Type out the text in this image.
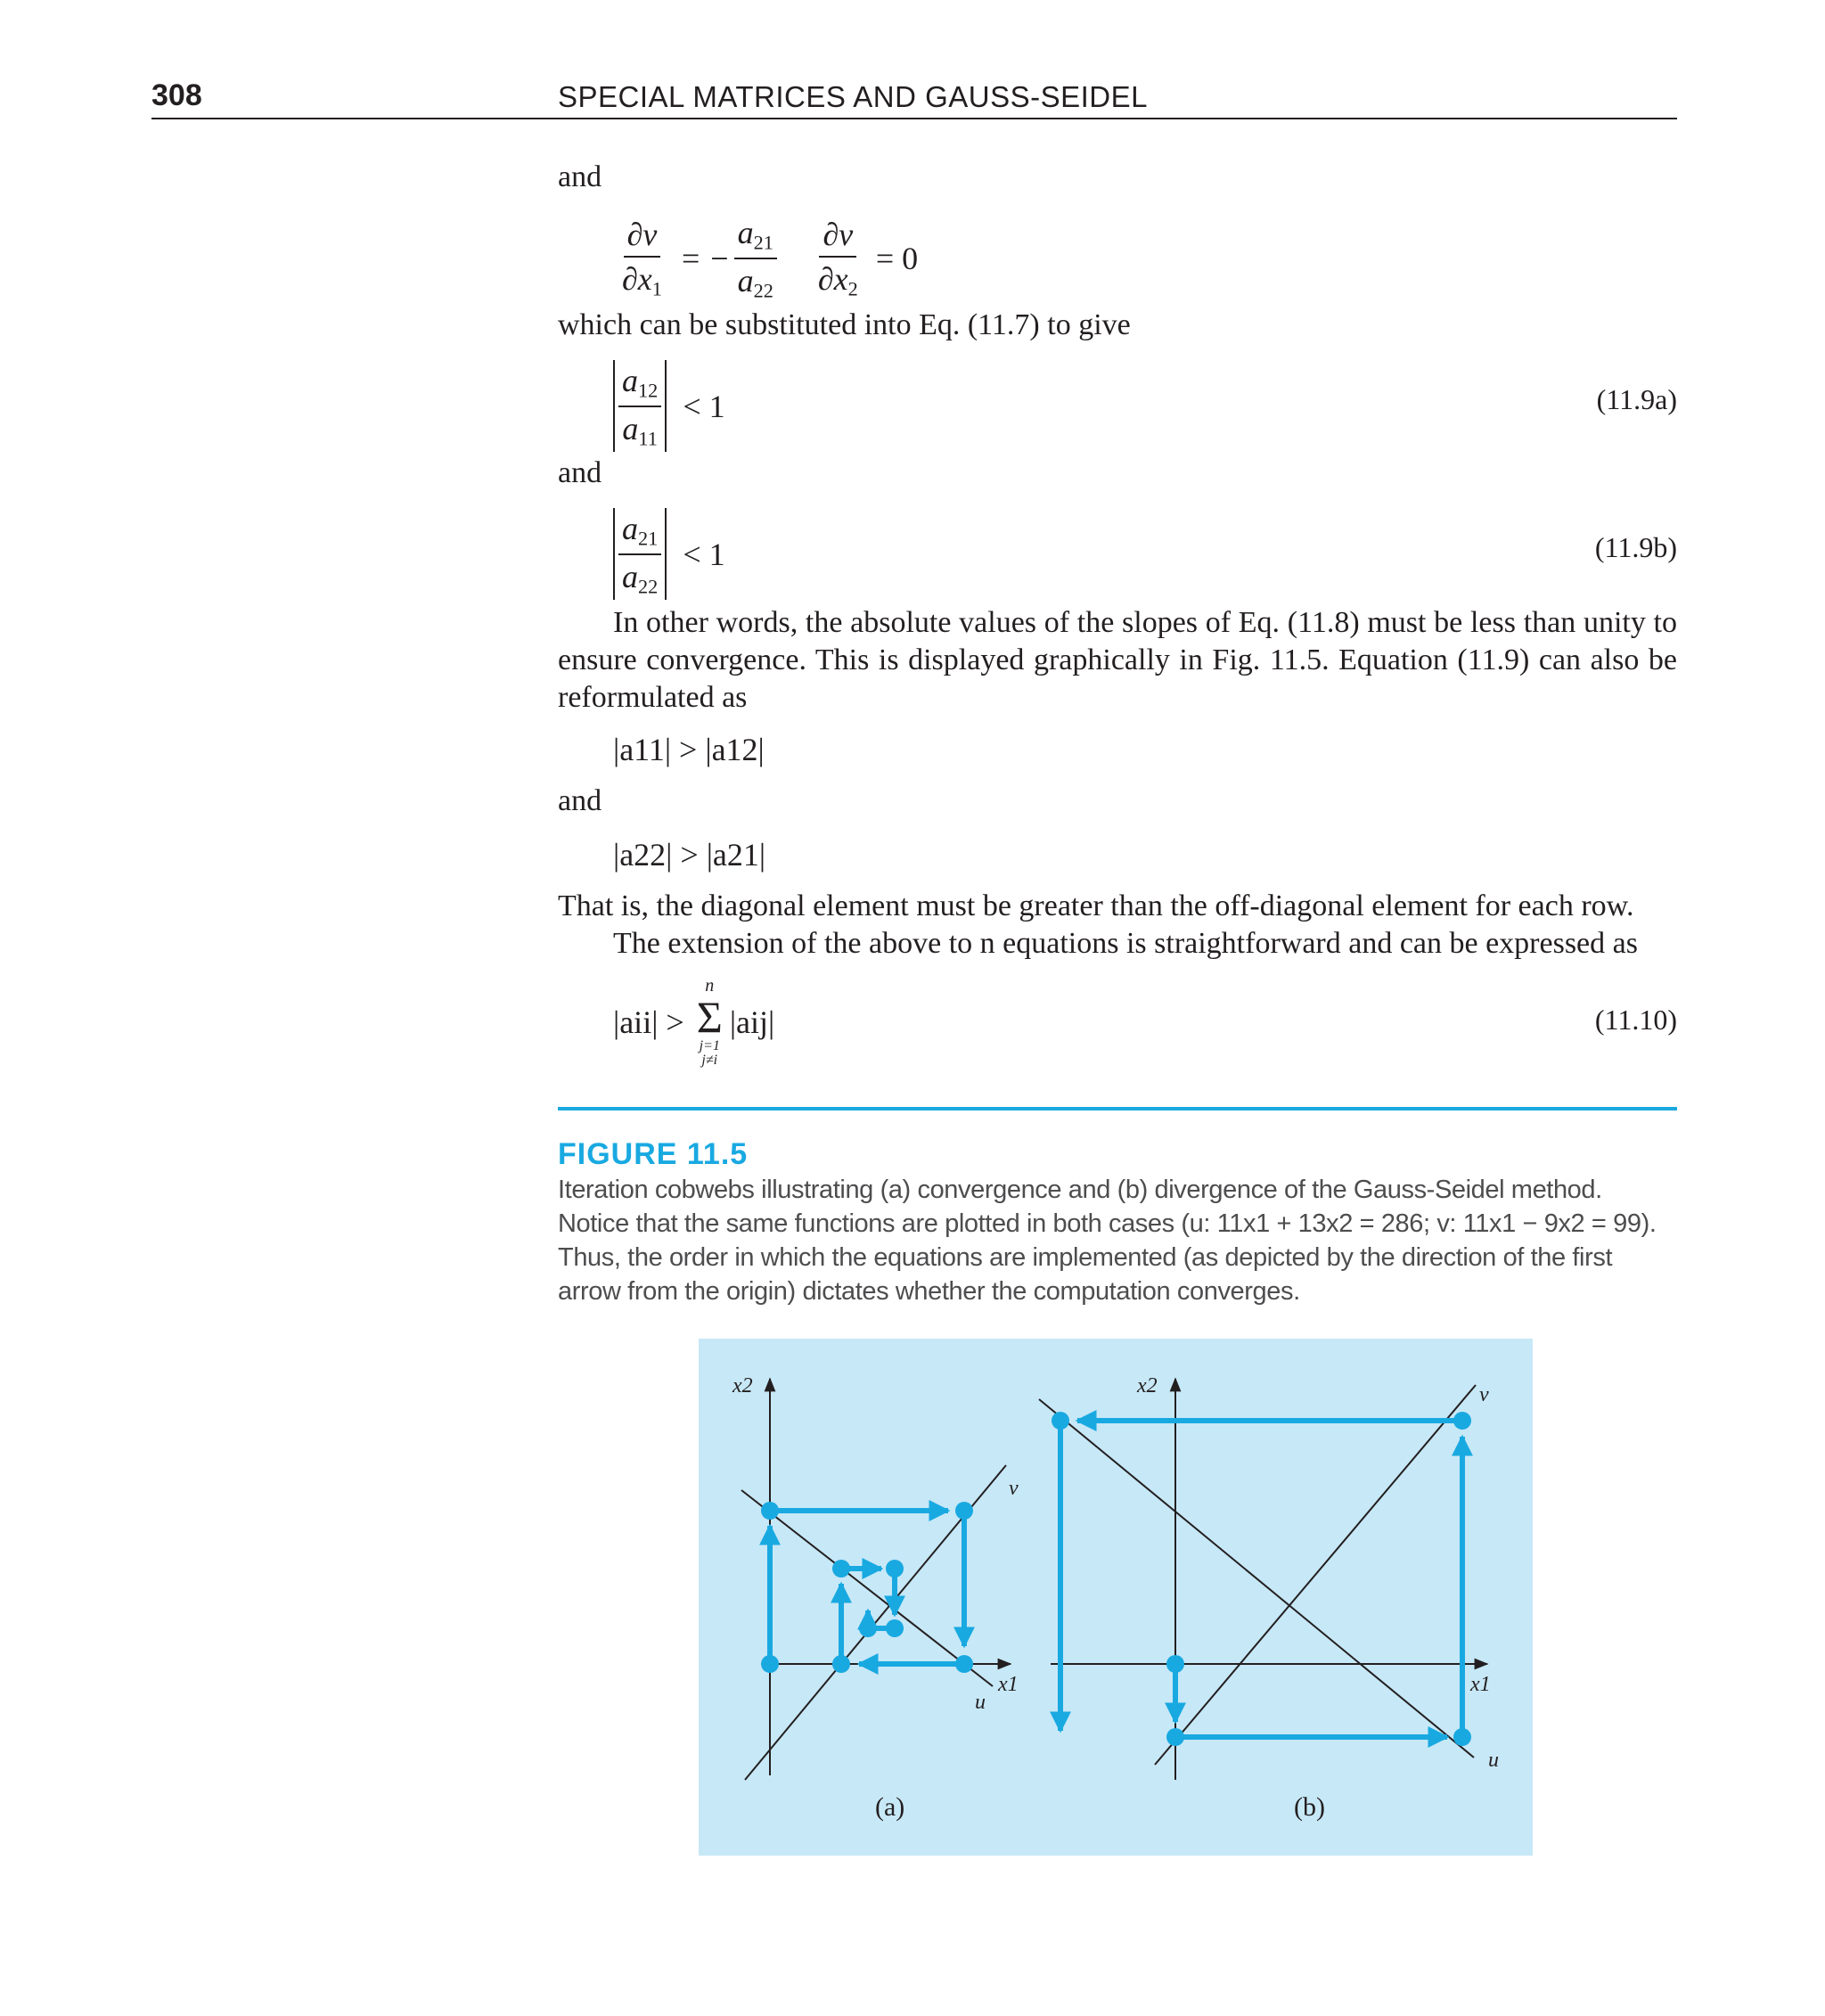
308	SPECIAL MATRICES AND GAUSS-SEIDEL
and
$\frac{\partial v}{\partial x_1}$ = − $\frac{a_{21}}{a_{22}} \frac{\partial v}{\partial x_2} = 0$
which can be substituted into Eq. (11.7) to give
$\frac{a_{12}}{a_{11}} < 1$	(11.9a)
and
$\frac{a_{21}}{a_{22}} < 1$	(11.9b)
In other words, the absolute values of the slopes of Eq. (11.8) must be less than unity to ensure convergence. This is displayed graphically in Fig. 11.5. Equation (11.9) can also be reformulated as
|a11| > |a12|
and
|a22| > |a21|
That is, the diagonal element must be greater than the off-diagonal element for each row.
The extension of the above to n equations is straightforward and can be expressed as
|aii| >
n
Σ
j=1
j≠i
|aij|	(11.10)
FIGURE 11.5
Iteration cobwebs illustrating (a) convergence and (b) divergence of the Gauss-Seidel method. Notice that the same functions are plotted in both cases (u: 11x1 + 13x2 = 286; v: 11x1 − 9x2 = 99). Thus, the order in which the equations are implemented (as depicted by the direction of the first arrow from the origin) dictates whether the computation converges.
x2
x1
u
v
(a)
x2
x1
u
v
(b)
